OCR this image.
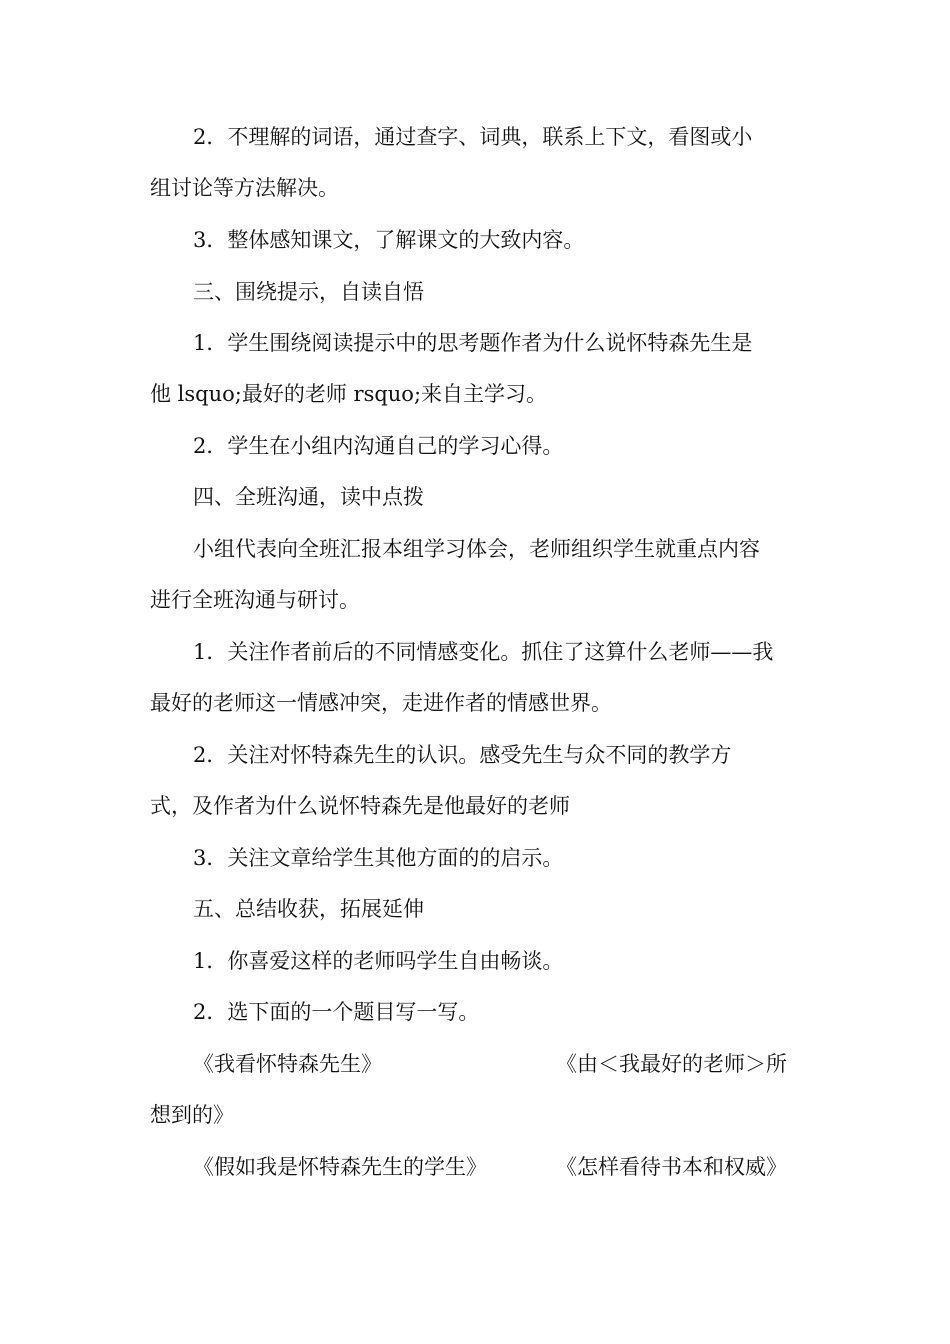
2．不理解的词语，通过查字、词典，联系上下文，看图或小
组讨论等方法解决。
3．整体感知课文，了解课文的大致内容。
三、围绕提示，自读自悟
1．学生围绕阅读提示中的思考题作者为什么说怀特森先生是
他 lsquo;最好的老师 rsquo;来自主学习。
2．学生在小组内沟通自己的学习心得。
四、全班沟通，读中点拨
小组代表向全班汇报本组学习体会，老师组织学生就重点内容
进行全班沟通与研讨。
1．关注作者前后的不同情感变化。抓住了这算什么老师——我
最好的老师这一情感冲突，走进作者的情感世界。
2．关注对怀特森先生的认识。感受先生与众不同的教学方
式，及作者为什么说怀特森先是他最好的老师
3．关注文章给学生其他方面的的启示。
五、总结收获，拓展延伸
1．你喜爱这样的老师吗学生自由畅谈。
2．选下面的一个题目写一写。
《我看怀特森先生》	《由＜我最好的老师＞所
想到的》
《假如我是怀特森先生的学生》	《怎样看待书本和权威》
